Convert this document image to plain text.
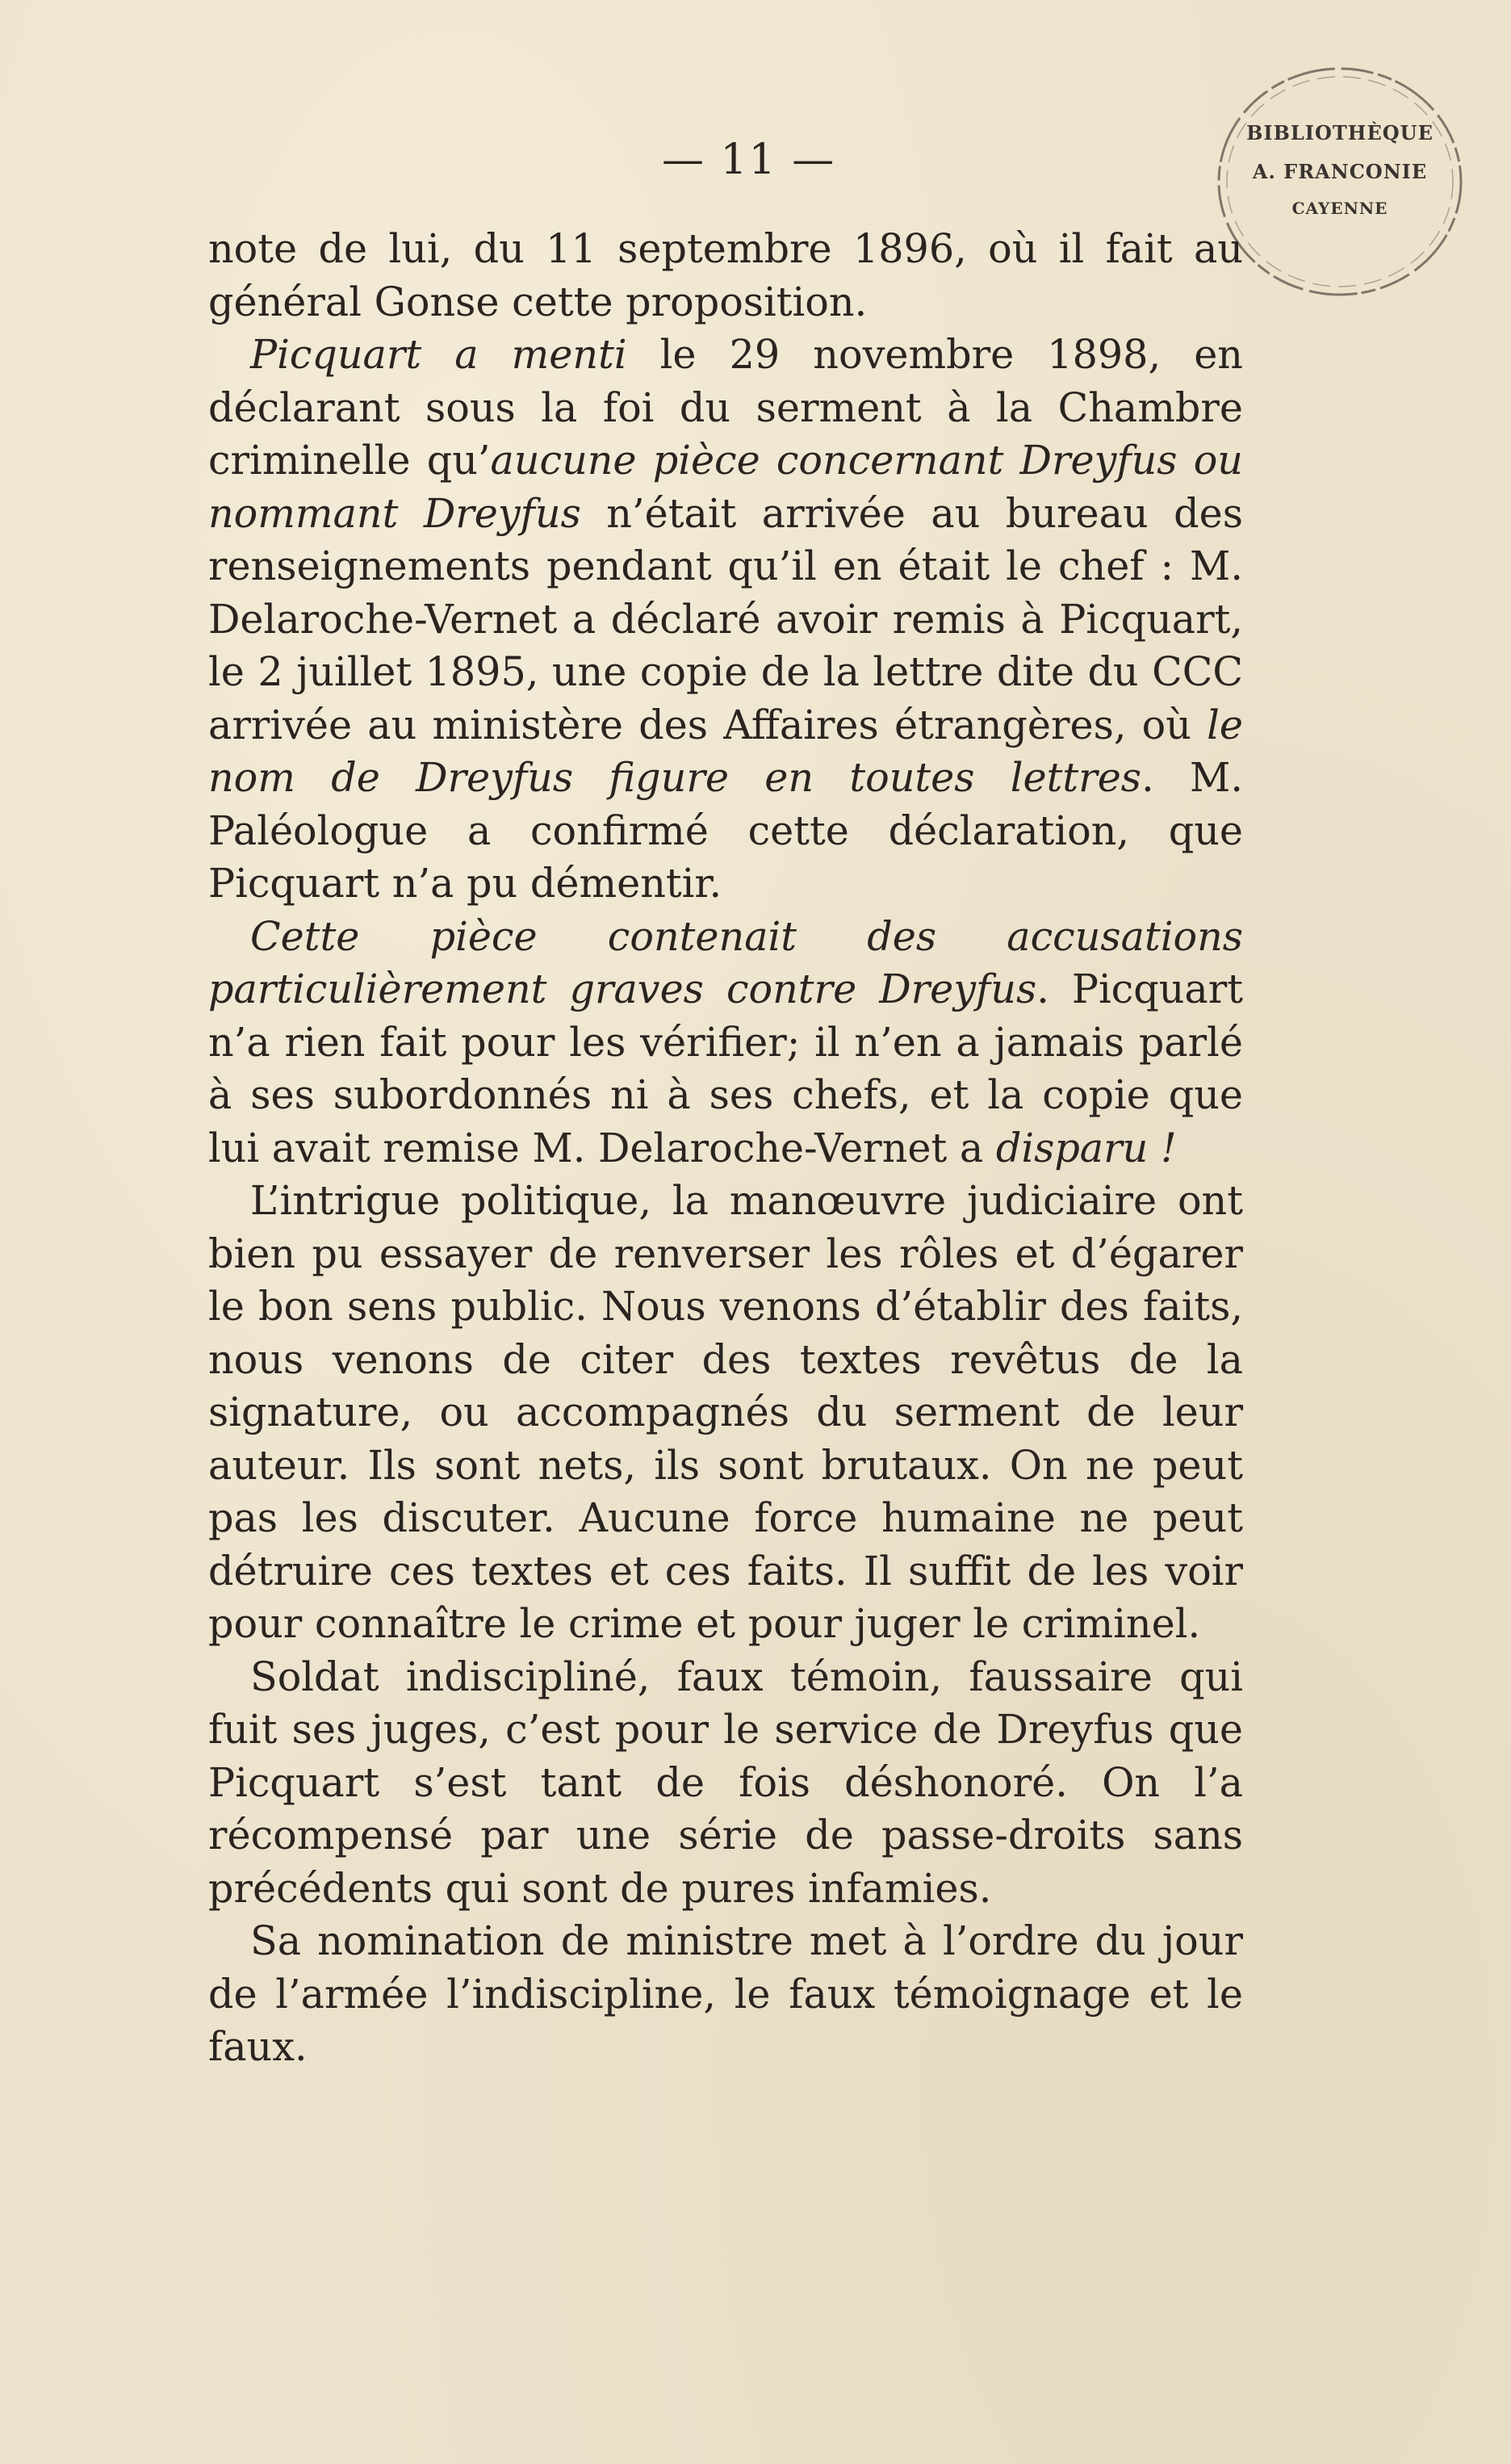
BIBLIOTHÈQUE
A. FRANCONIE
CAYENNE
— 11 —

note de lui, du 11 septembre 1896, où il fait au général Gonse cette proposition.

Picquart a menti le 29 novembre 1898, en déclarant sous la foi du serment à la Chambre criminelle qu’aucune pièce concernant Dreyfus ou nommant Dreyfus n’était arrivée au bureau des renseignements pendant qu’il en était le chef : M. Delaroche-Vernet a déclaré avoir remis à Picquart, le 2 juillet 1895, une copie de la lettre dite du CCC arrivée au ministère des Affaires étrangères, où le nom de Dreyfus figure en toutes lettres. M. Paléologue a confirmé cette déclaration, que Picquart n’a pu démentir.

Cette pièce contenait des accusations particulièrement graves contre Dreyfus. Picquart n’a rien fait pour les vérifier; il n’en a jamais parlé à ses subordonnés ni à ses chefs, et la copie que lui avait remise M. Delaroche-Vernet a disparu !

L’intrigue politique, la manœuvre judiciaire ont bien pu essayer de renverser les rôles et d’égarer le bon sens public. Nous venons d’établir des faits, nous venons de citer des textes revêtus de la signature, ou accompagnés du serment de leur auteur. Ils sont nets, ils sont brutaux. On ne peut pas les discuter. Aucune force humaine ne peut détruire ces textes et ces faits. Il suffit de les voir pour connaître le crime et pour juger le criminel.

Soldat indiscipliné, faux témoin, faussaire qui fuit ses juges, c’est pour le service de Dreyfus que Picquart s’est tant de fois déshonoré. On l’a récompensé par une série de passe-droits sans précédents qui sont de pures infamies.

Sa nomination de ministre met à l’ordre du jour de l’armée l’indiscipline, le faux témoignage et le faux.
